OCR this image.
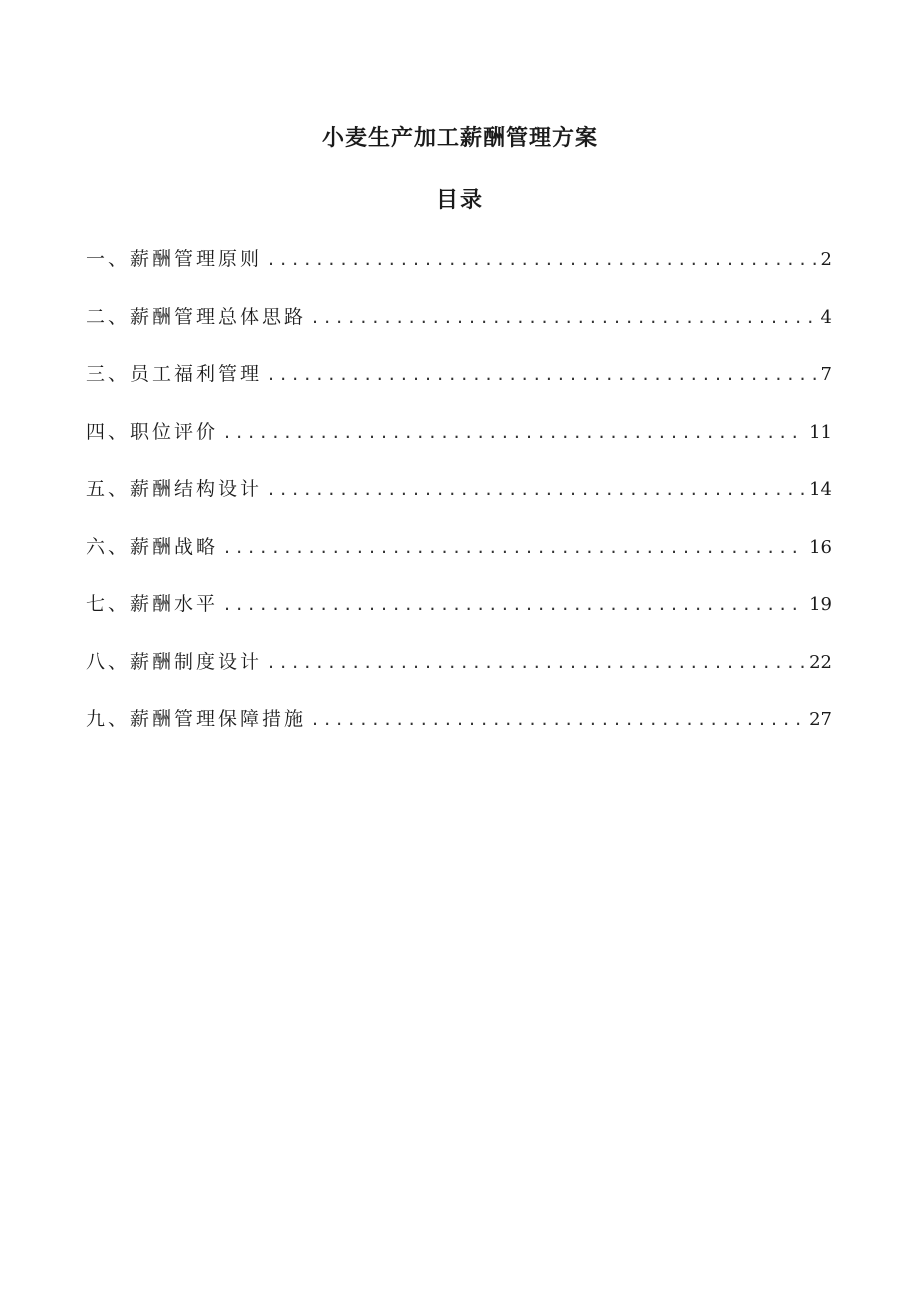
小麦生产加工薪酬管理方案
目录
一、薪酬管理原则 . . .	2
二、薪酬管理总体思路 . . .	4
三、员工福利管理 . . .	7
四、职位评价 . . .	11
五、薪酬结构设计 . . .	14
六、薪酬战略 . . .	16
七、薪酬水平 . . .	19
八、薪酬制度设计 . . .	22
九、薪酬管理保障措施 . . .	27
